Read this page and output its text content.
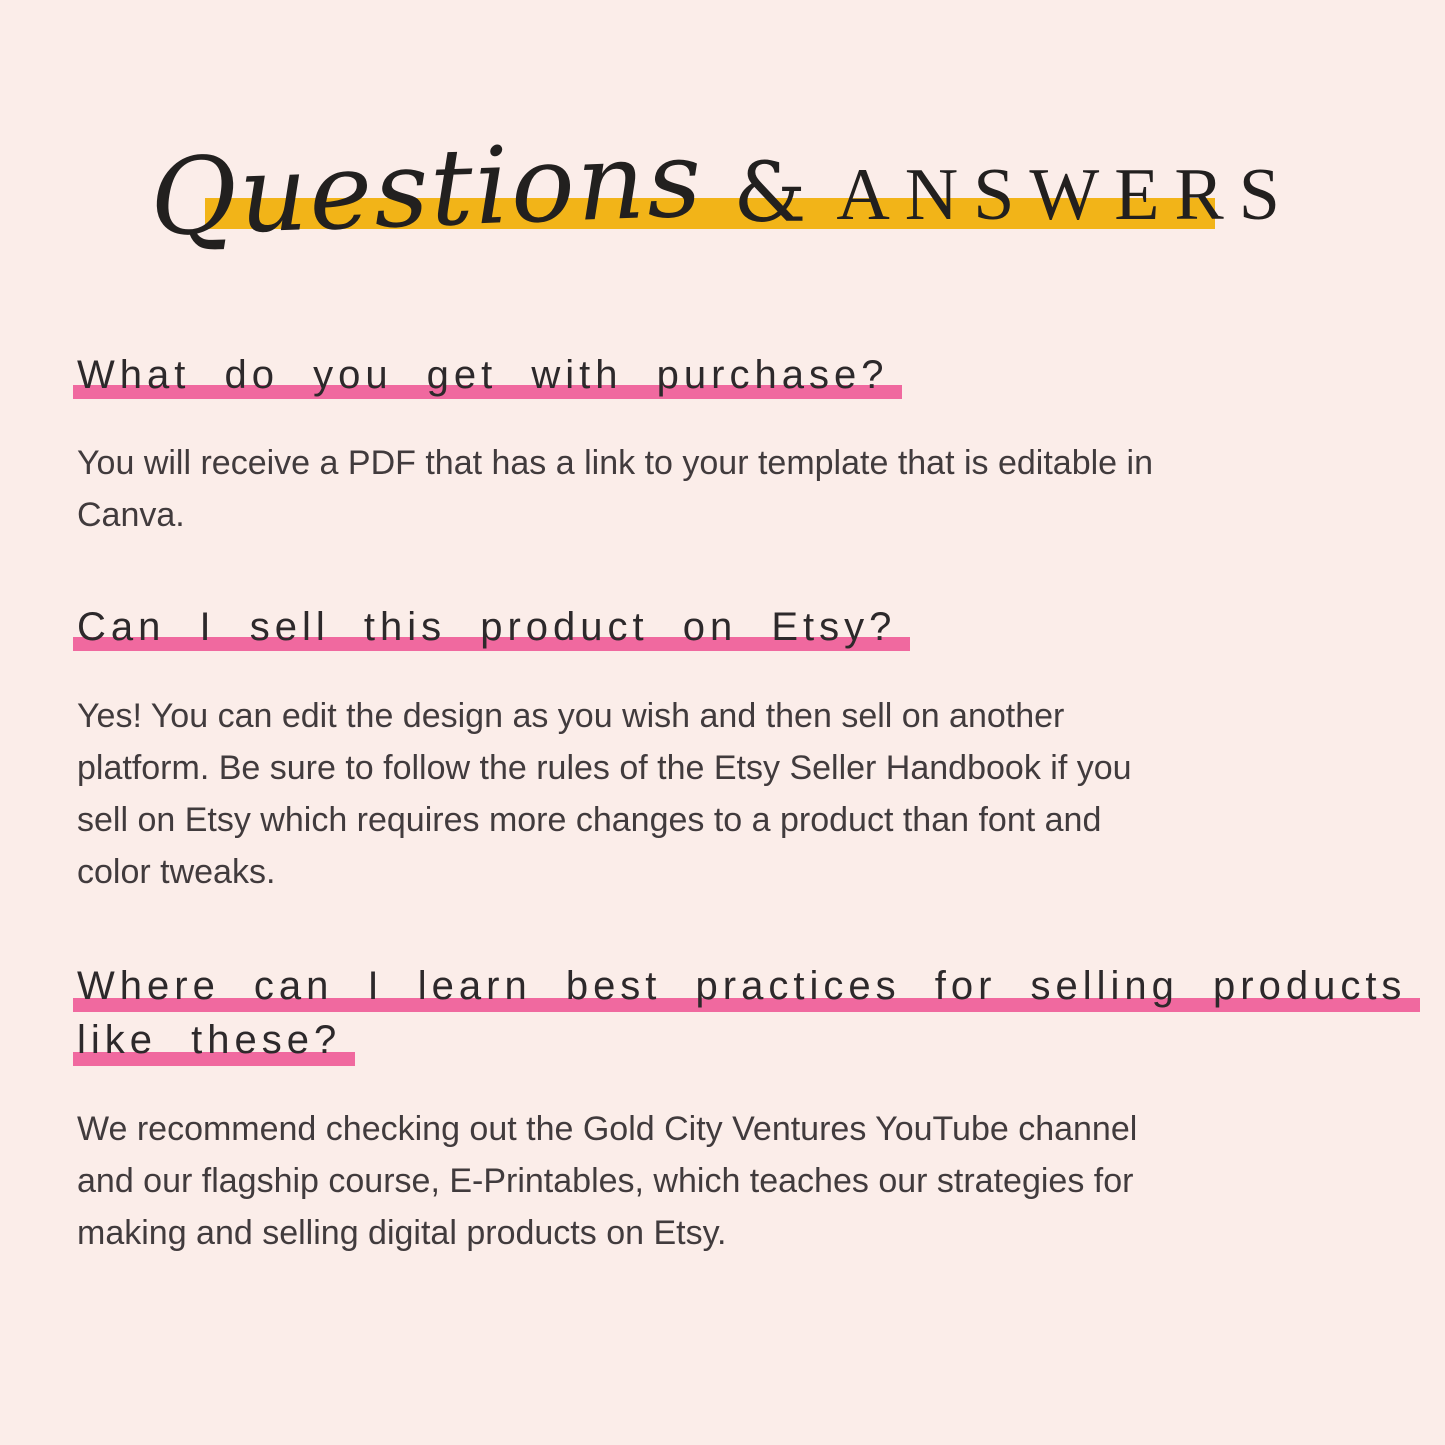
Questions & ANSWERS
What do you get with purchase?

You will receive a PDF that has a link to your template that is editable in
Canva.

Can I sell this product on Etsy?

Yes! You can edit the design as you wish and then sell on another
platform. Be sure to follow the rules of the Etsy Seller Handbook if you
sell on Etsy which requires more changes to a product than font and
color tweaks.

Where can I learn best practices for selling products
like these?

We recommend checking out the Gold City Ventures YouTube channel
and our flagship course, E-Printables, which teaches our strategies for
making and selling digital products on Etsy.
